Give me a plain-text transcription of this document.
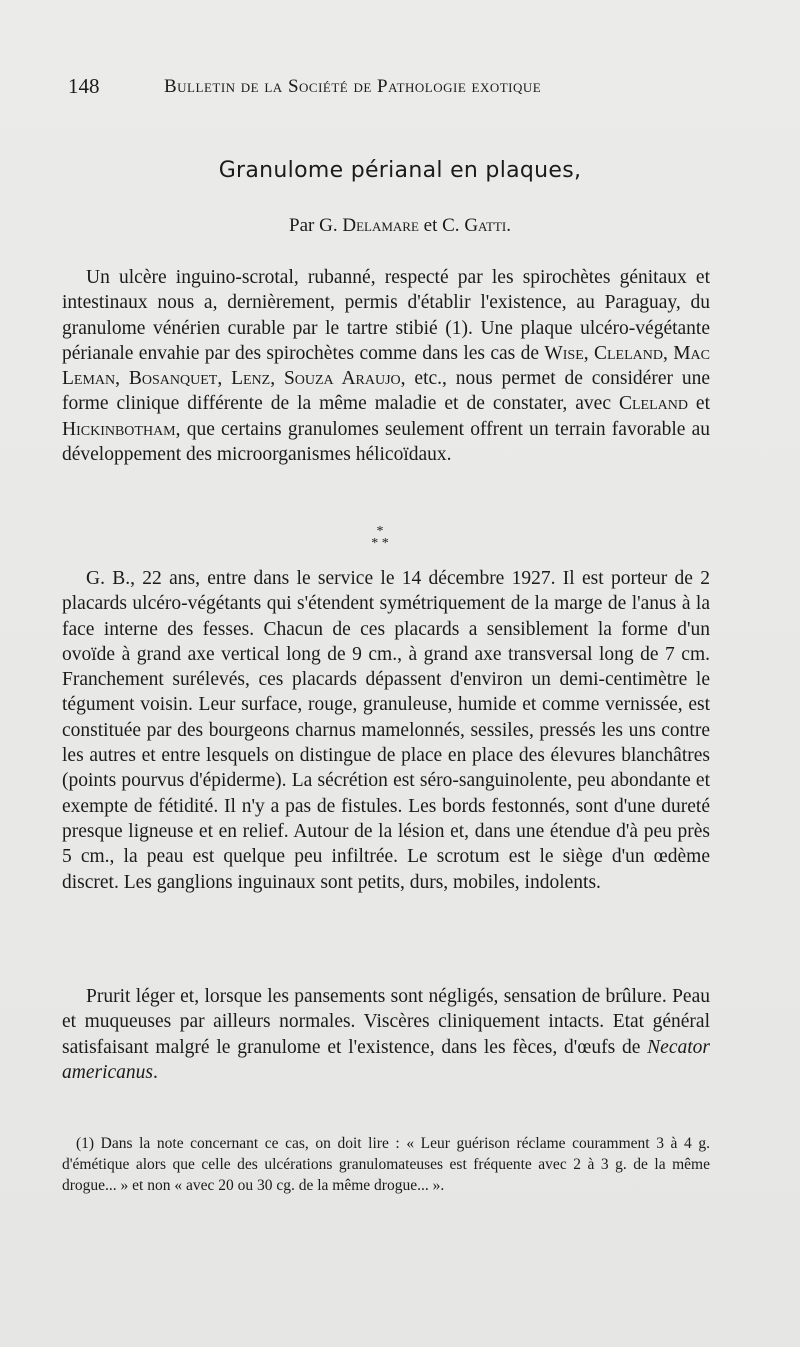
148	Bulletin de la Société de Pathologie exotique
Granulome périanal en plaques,
Par G. Delamare et C. Gatti.
Un ulcère inguino-scrotal, rubanné, respecté par les spirochètes génitaux et intestinaux nous a, dernièrement, permis d'établir l'existence, au Paraguay, du granulome vénérien curable par le tartre stibié (1). Une plaque ulcéro-végétante périanale envahie par des spirochètes comme dans les cas de Wise, Cleland, Mac Leman, Bosanquet, Lenz, Souza Araujo, etc., nous permet de considérer une forme clinique différente de la même maladie et de constater, avec Cleland et Hickinbotham, que certains granulomes seulement offrent un terrain favorable au développement des microorganismes hélicoïdaux.
*
* *
G. B., 22 ans, entre dans le service le 14 décembre 1927. Il est porteur de 2 placards ulcéro-végétants qui s'étendent symétriquement de la marge de l'anus à la face interne des fesses. Chacun de ces placards a sensiblement la forme d'un ovoïde à grand axe vertical long de 9 cm., à grand axe transversal long de 7 cm. Franchement surélevés, ces placards dépassent d'environ un demi-centimètre le tégument voisin. Leur surface, rouge, granuleuse, humide et comme vernissée, est constituée par des bourgeons charnus mamelonnés, sessiles, pressés les uns contre les autres et entre lesquels on distingue de place en place des élevures blanchâtres (points pourvus d'épiderme). La sécrétion est séro-sanguinolente, peu abondante et exempte de fétidité. Il n'y a pas de fistules. Les bords festonnés, sont d'une dureté presque ligneuse et en relief. Autour de la lésion et, dans une étendue d'à peu près 5 cm., la peau est quelque peu infiltrée. Le scrotum est le siège d'un œdème discret. Les ganglions inguinaux sont petits, durs, mobiles, indolents.
Prurit léger et, lorsque les pansements sont négligés, sensation de brûlure. Peau et muqueuses par ailleurs normales. Viscères cliniquement intacts. Etat général satisfaisant malgré le granulome et l'existence, dans les fèces, d'œufs de Necator americanus.
(1) Dans la note concernant ce cas, on doit lire : « Leur guérison réclame couramment 3 à 4 g. d'émétique alors que celle des ulcérations granulomateuses est fréquente avec 2 à 3 g. de la même drogue... » et non « avec 20 ou 30 cg. de la même drogue... ».
